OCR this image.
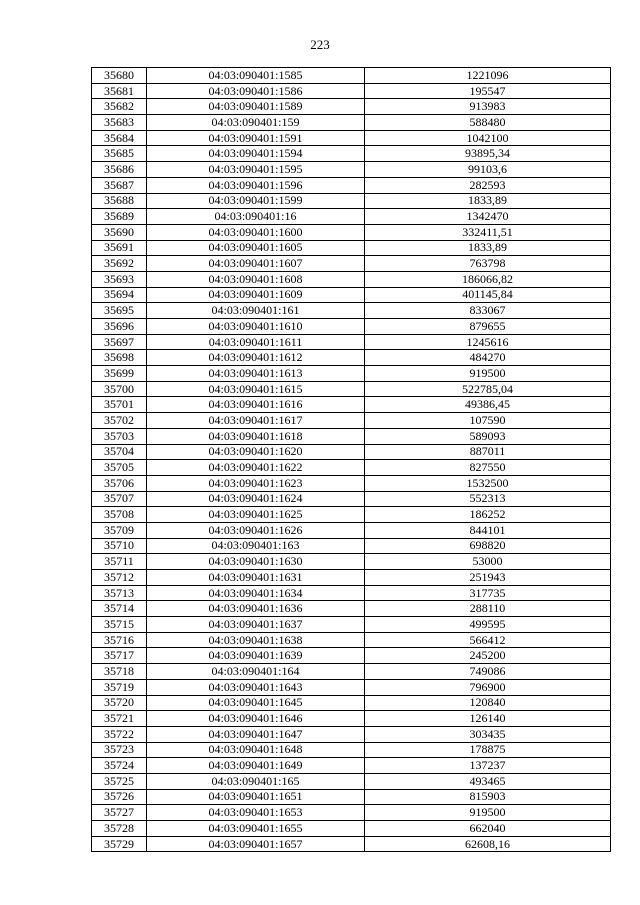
223
35680	04:03:090401:1585	1221096
35681	04:03:090401:1586	195547
35682	04:03:090401:1589	913983
35683	04:03:090401:159	588480
35684	04:03:090401:1591	1042100
35685	04:03:090401:1594	93895,34
35686	04:03:090401:1595	99103,6
35687	04:03:090401:1596	282593
35688	04:03:090401:1599	1833,89
35689	04:03:090401:16	1342470
35690	04:03:090401:1600	332411,51
35691	04:03:090401:1605	1833,89
35692	04:03:090401:1607	763798
35693	04:03:090401:1608	186066,82
35694	04:03:090401:1609	401145,84
35695	04:03:090401:161	833067
35696	04:03:090401:1610	879655
35697	04:03:090401:1611	1245616
35698	04:03:090401:1612	484270
35699	04:03:090401:1613	919500
35700	04:03:090401:1615	522785,04
35701	04:03:090401:1616	49386,45
35702	04:03:090401:1617	107590
35703	04:03:090401:1618	589093
35704	04:03:090401:1620	887011
35705	04:03:090401:1622	827550
35706	04:03:090401:1623	1532500
35707	04:03:090401:1624	552313
35708	04:03:090401:1625	186252
35709	04:03:090401:1626	844101
35710	04:03:090401:163	698820
35711	04:03:090401:1630	53000
35712	04:03:090401:1631	251943
35713	04:03:090401:1634	317735
35714	04:03:090401:1636	288110
35715	04:03:090401:1637	499595
35716	04:03:090401:1638	566412
35717	04:03:090401:1639	245200
35718	04:03:090401:164	749086
35719	04:03:090401:1643	796900
35720	04:03:090401:1645	120840
35721	04:03:090401:1646	126140
35722	04:03:090401:1647	303435
35723	04:03:090401:1648	178875
35724	04:03:090401:1649	137237
35725	04:03:090401:165	493465
35726	04:03:090401:1651	815903
35727	04:03:090401:1653	919500
35728	04:03:090401:1655	662040
35729	04:03:090401:1657	62608,16
